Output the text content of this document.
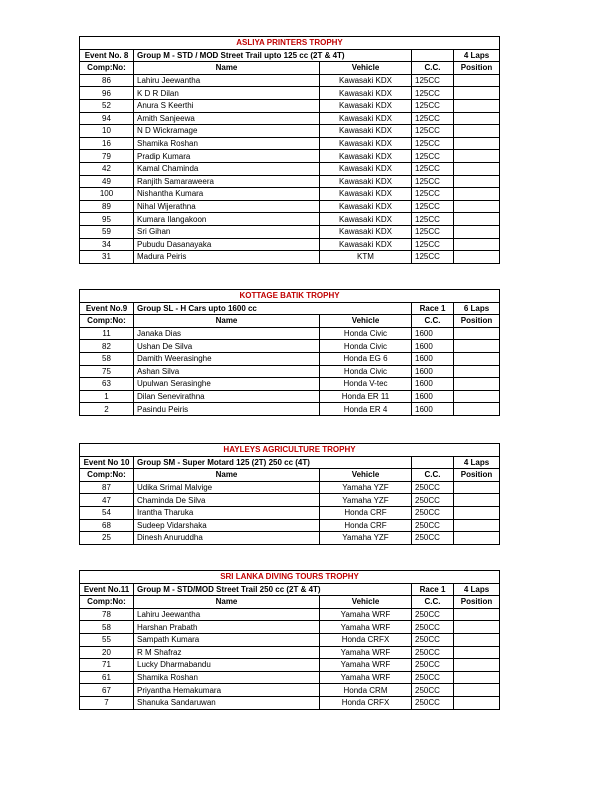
ASLIYA PRINTERS TROPHY				
Event No. 8	Group M - STD / MOD Street Trail upto 125 cc (2T & 4T)			4 Laps
Comp:No:	Name	Vehicle	C.C.	Position
86	Lahiru Jeewantha	Kawasaki KDX	125CC	
96	K D R Dilan	Kawasaki KDX	125CC	
52	Anura S Keerthi	Kawasaki KDX	125CC	
94	Amith Sanjeewa	Kawasaki KDX	125CC	
10	N D Wickramage	Kawasaki KDX	125CC	
16	Shamika Roshan	Kawasaki KDX	125CC	
79	Pradip Kumara	Kawasaki KDX	125CC	
42	Kamal Chaminda	Kawasaki KDX	125CC	
49	Ranjith Samaraweera	Kawasaki KDX	125CC	
100	Nishantha Kumara	Kawasaki KDX	125CC	
89	Nihal Wijerathna	Kawasaki KDX	125CC	
95	Kumara Ilangakoon	Kawasaki KDX	125CC	
59	Sri Gihan	Kawasaki KDX	125CC	
34	Pubudu Dasanayaka	Kawasaki KDX	125CC	
31	Madura Peiris	KTM	125CC	
KOTTAGE BATIK TROPHY				
Event No.9	Group SL - H Cars upto 1600 cc		Race 1	6 Laps
Comp:No:	Name	Vehicle	C.C.	Position
11	Janaka Dias	Honda Civic	1600	
82	Ushan De Silva	Honda Civic	1600	
58	Damith Weerasinghe	Honda EG 6	1600	
75	Ashan Silva	Honda Civic	1600	
63	Upulwan Serasinghe	Honda V-tec	1600	
1	Dilan Senevirathna	Honda ER 11	1600	
2	Pasindu Peiris	Honda ER 4	1600	
HAYLEYS AGRICULTURE TROPHY				
Event No 10	Group SM - Super Motard 125 (2T) 250 cc (4T)			4 Laps
Comp:No:	Name	Vehicle	C.C.	Position
87	Udika Srimal Malvige	Yamaha YZF	250CC	
47	Chaminda De Silva	Yamaha YZF	250CC	
54	Irantha Tharuka	Honda CRF	250CC	
68	Sudeep Vidarshaka	Honda CRF	250CC	
25	Dinesh Anuruddha	Yamaha YZF	250CC	
SRI LANKA DIVING TOURS TROPHY				
Event No.11	Group M - STD/MOD Street Trail 250 cc (2T & 4T)		Race 1	4 Laps
Comp:No:	Name	Vehicle	C.C.	Position
78	Lahiru Jeewantha	Yamaha WRF	250CC	
58	Harshan Prabath	Yamaha WRF	250CC	
55	Sampath Kumara	Honda CRFX	250CC	
20	R M Shafraz	Yamaha WRF	250CC	
71	Lucky Dharmabandu	Yamaha WRF	250CC	
61	Shamika Roshan	Yamaha WRF	250CC	
67	Priyantha Hemakumara	Honda CRM	250CC	
7	Shanuka Sandaruwan	Honda CRFX	250CC	
